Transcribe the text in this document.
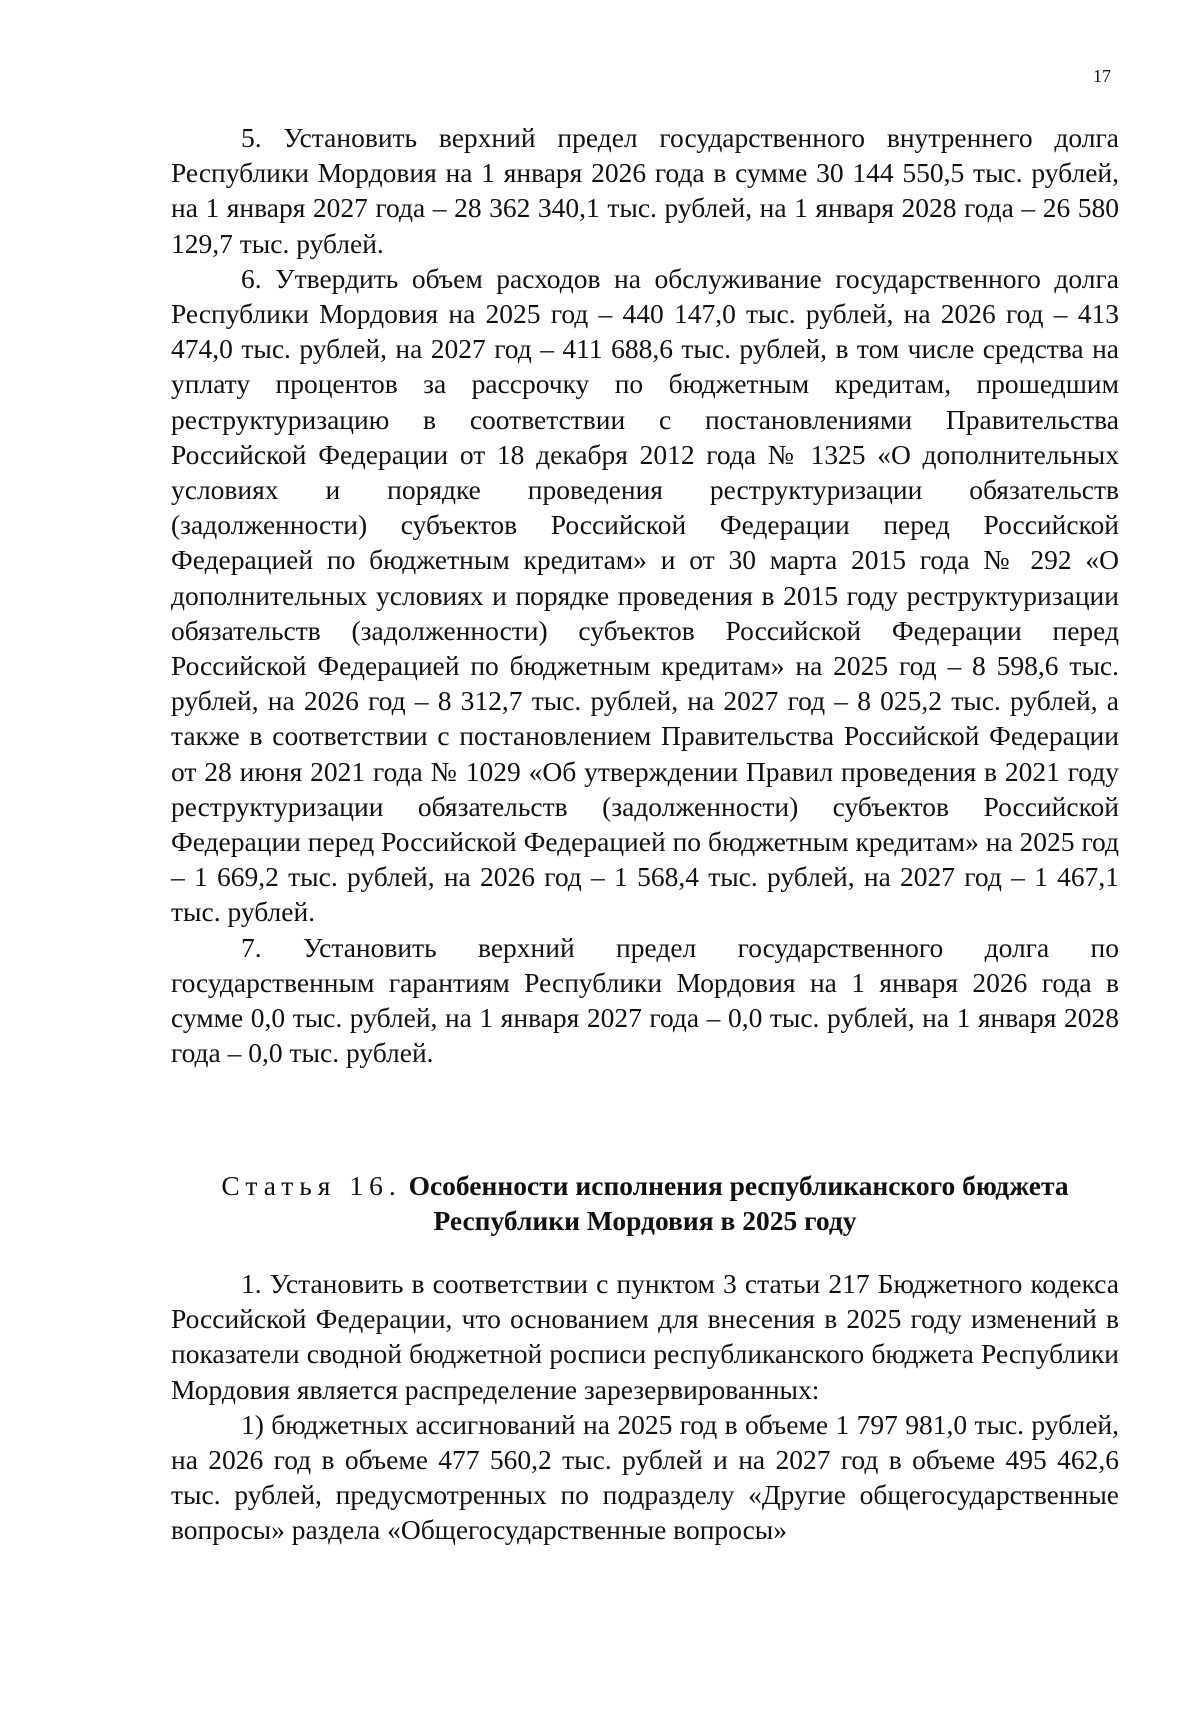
17

5. Установить верхний предел государственного внутреннего долга Республики Мордовия на 1 января 2026 года в сумме 30 144 550,5 тыс. рублей, на 1 января 2027 года – 28 362 340,1 тыс. рублей, на 1 января 2028 года – 26 580 129,7 тыс. рублей.

6. Утвердить объем расходов на обслуживание государственного долга Республики Мордовия на 2025 год – 440 147,0 тыс. рублей, на 2026 год – 413 474,0 тыс. рублей, на 2027 год – 411 688,6 тыс. рублей, в том числе средства на уплату процентов за рассрочку по бюджетным кредитам, прошедшим реструктуризацию в соответствии с постановлениями Правительства Российской Федерации от 18 декабря 2012 года № 1325 «О дополнительных условиях и порядке проведения реструктуризации обязательств (задолженности) субъектов Российской Федерации перед Российской Федерацией по бюджетным кредитам» и от 30 марта 2015 года № 292 «О дополнительных условиях и порядке проведения в 2015 году реструктуризации обязательств (задолженности) субъектов Российской Федерации перед Российской Федерацией по бюджетным кредитам» на 2025 год – 8 598,6 тыс. рублей, на 2026 год – 8 312,7 тыс. рублей, на 2027 год – 8 025,2 тыс. рублей, а также в соответствии с постановлением Правительства Российской Федерации от 28 июня 2021 года № 1029 «Об утверждении Правил проведения в 2021 году реструктуризации обязательств (задолженности) субъектов Российской Федерации перед Российской Федерацией по бюджетным кредитам» на 2025 год – 1 669,2 тыс. рублей, на 2026 год – 1 568,4 тыс. рублей, на 2027 год – 1 467,1 тыс. рублей.

7. Установить верхний предел государственного долга по государственным гарантиям Республики Мордовия на 1 января 2026 года в сумме 0,0 тыс. рублей, на 1 января 2027 года – 0,0 тыс. рублей, на 1 января 2028 года – 0,0 тыс. рублей.

Статья 16. Особенности исполнения республиканского бюджета
Республики Мордовия в 2025 году

1. Установить в соответствии с пунктом 3 статьи 217 Бюджетного кодекса Российской Федерации, что основанием для внесения в 2025 году изменений в показатели сводной бюджетной росписи республиканского бюджета Республики Мордовия является распределение зарезервированных:

1) бюджетных ассигнований на 2025 год в объеме 1 797 981,0 тыс. рублей, на 2026 год в объеме 477 560,2 тыс. рублей и на 2027 год в объеме 495 462,6 тыс. рублей, предусмотренных по подразделу «Другие общегосударственные вопросы» раздела «Общегосударственные вопросы»
